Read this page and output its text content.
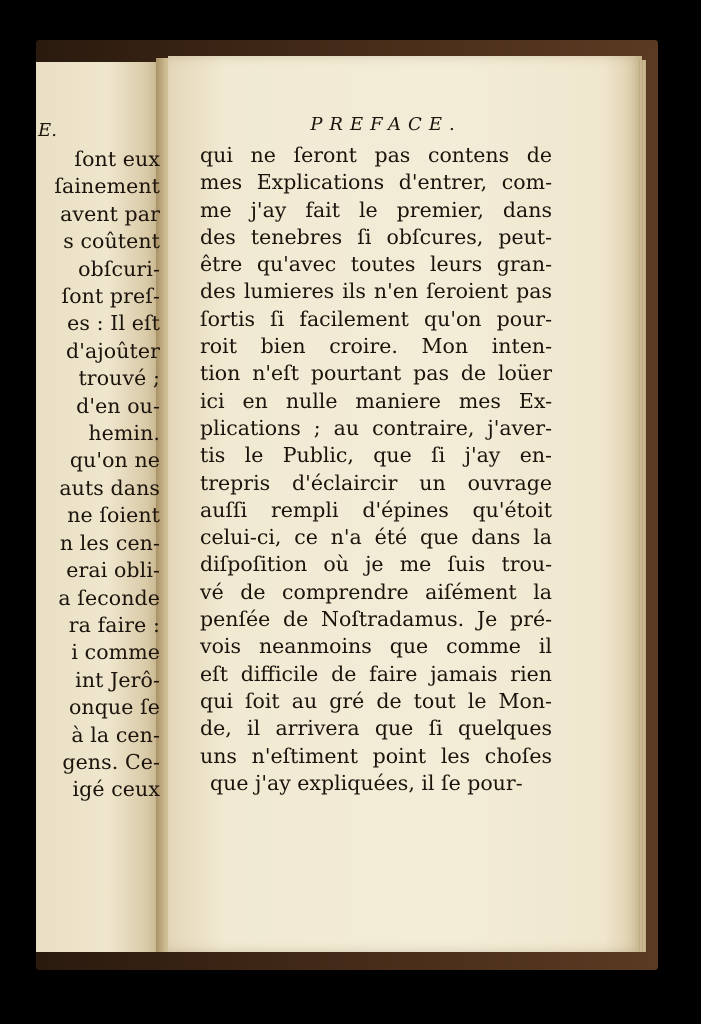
E.
ſont eux
ſainement
avent par
s coûtent
obſcuri-
ſont preſ-
es : Il eſt
d'ajoûter
trouvé ;
d'en ou-
hemin.
qu'on ne
auts dans
ne ſoient
n les cen-
erai obli-
a ſeconde
ra faire :
i comme
int Jerô-
onque ſe
à la cen-
gens. Ce-
igé ceux
PREFACE.
qui ne ſeront pas contens de
mes Explications d'entrer, com-
me j'ay fait le premier, dans
des tenebres ſi obſcures, peut-
être qu'avec toutes leurs gran-
des lumieres ils n'en ſeroient pas
ſortis ſi facilement qu'on pour-
roit bien croire. Mon inten-
tion n'eſt pourtant pas de loüer
ici en nulle maniere mes Ex-
plications ; au contraire, j'aver-
tis le Public, que ſi j'ay en-
trepris d'éclaircir un ouvrage
auſſi rempli d'épines qu'étoit
celui-ci, ce n'a été que dans la
diſpoſition où je me ſuis trou-
vé de comprendre aiſément la
penſée de Noſtradamus. Je pré-
vois neanmoins que comme il
eſt difficile de faire jamais rien
qui ſoit au gré de tout le Mon-
de, il arrivera que ſi quelques
uns n'eſtiment point les choſes
que j'ay expliquées, il ſe pour-
